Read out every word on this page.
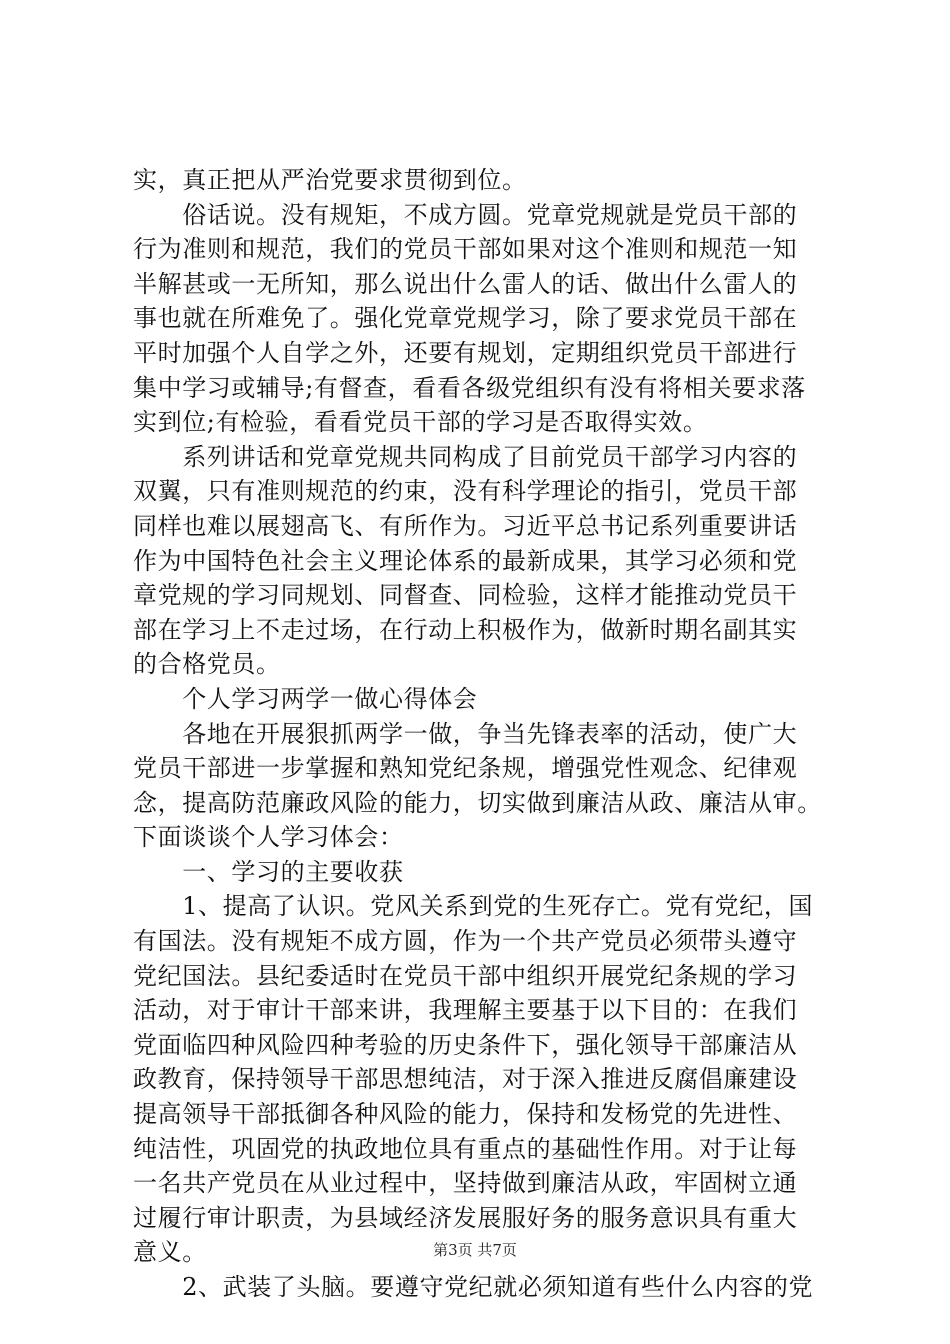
实，真正把从严治党要求贯彻到位。
　　俗话说。没有规矩，不成方圆。党章党规就是党员干部的
行为准则和规范，我们的党员干部如果对这个准则和规范一知
半解甚或一无所知，那么说出什么雷人的话、做出什么雷人的
事也就在所难免了。强化党章党规学习，除了要求党员干部在
平时加强个人自学之外，还要有规划，定期组织党员干部进行
集中学习或辅导;有督查，看看各级党组织有没有将相关要求落
实到位;有检验，看看党员干部的学习是否取得实效。
　　系列讲话和党章党规共同构成了目前党员干部学习内容的
双翼，只有准则规范的约束，没有科学理论的指引，党员干部
同样也难以展翅高飞、有所作为。习近平总书记系列重要讲话
作为中国特色社会主义理论体系的最新成果，其学习必须和党
章党规的学习同规划、同督查、同检验，这样才能推动党员干
部在学习上不走过场，在行动上积极作为，做新时期名副其实
的合格党员。
　　个人学习两学一做心得体会
　　各地在开展狠抓两学一做，争当先锋表率的活动，使广大
党员干部进一步掌握和熟知党纪条规，增强党性观念、纪律观
念，提高防范廉政风险的能力，切实做到廉洁从政、廉洁从审。
下面谈谈个人学习体会：
　　一、学习的主要收获
　　1、提高了认识。党风关系到党的生死存亡。党有党纪，国
有国法。没有规矩不成方圆，作为一个共产党员必须带头遵守
党纪国法。县纪委适时在党员干部中组织开展党纪条规的学习
活动，对于审计干部来讲，我理解主要基于以下目的：在我们
党面临四种风险四种考验的历史条件下，强化领导干部廉洁从
政教育，保持领导干部思想纯洁，对于深入推进反腐倡廉建设
提高领导干部抵御各种风险的能力，保持和发杨党的先进性、
纯洁性，巩固党的执政地位具有重点的基础性作用。对于让每
一名共产党员在从业过程中，坚持做到廉洁从政，牢固树立通
过履行审计职责，为县域经济发展服好务的服务意识具有重大
意义。
　　2、武装了头脑。要遵守党纪就必须知道有些什么内容的党
第3页 共7页
